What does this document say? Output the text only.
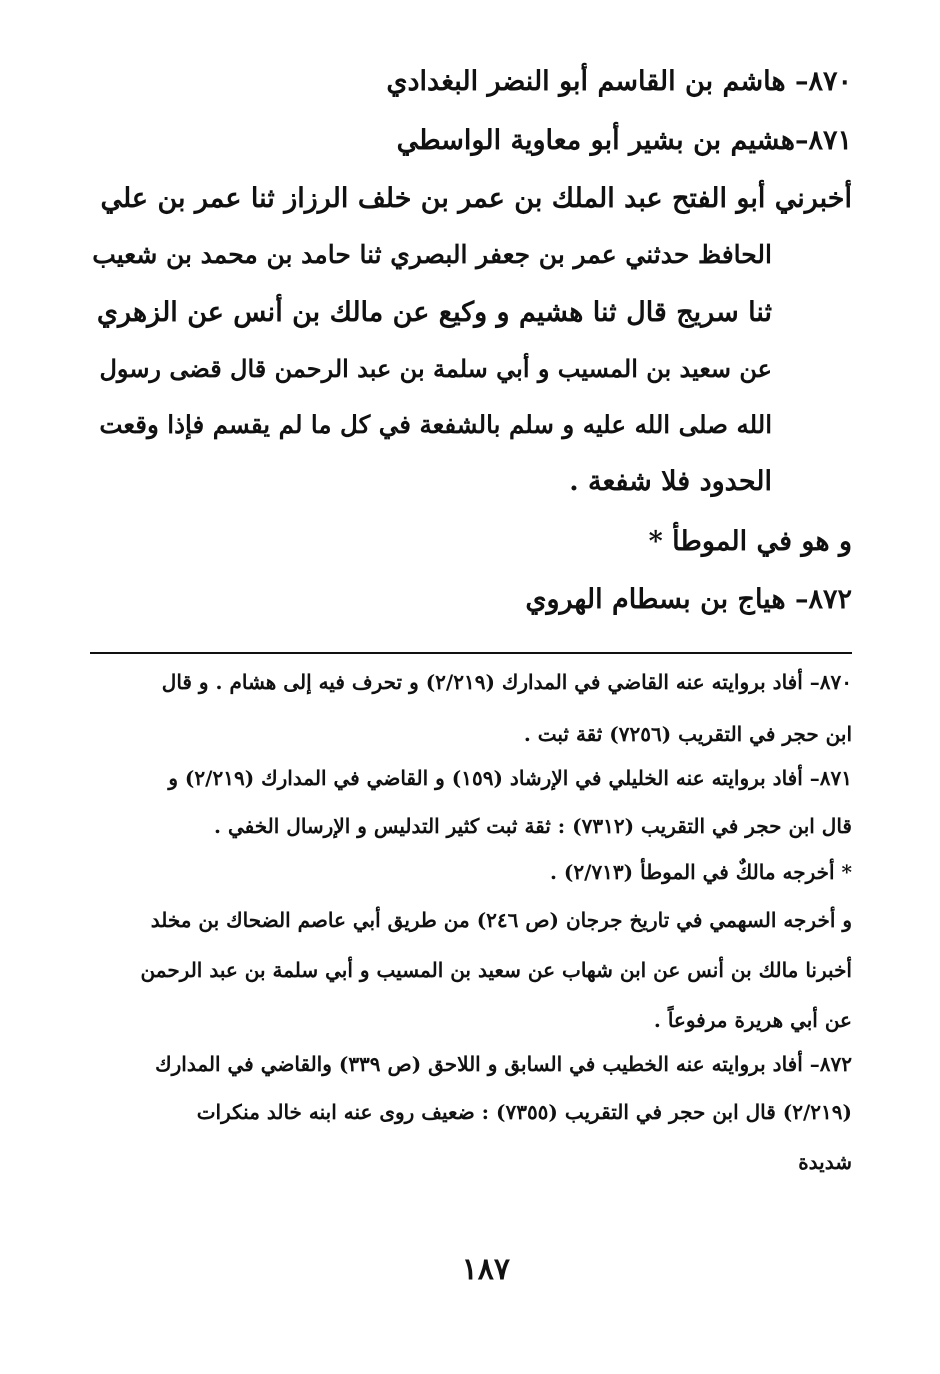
٨٧٠– هاشم بن القاسم أبو النضر البغدادي
٨٧١–هشيم بن بشير أبو معاوية الواسطي
أخبرني أبو الفتح عبد الملك بن عمر بن خلف الرزاز ثنا عمر بن علي
الحافظ حدثني عمر بن جعفر البصري ثنا حامد بن محمد بن شعيب
ثنا سريج قال ثنا هشيم و وكيع عن مالك بن أنس عن الزهري
عن سعيد بن المسيب و أبي سلمة بن عبد الرحمن قال قضى رسول
الله صلى الله عليه و سلم بالشفعة في كل ما لم يقسم فإذا وقعت
الحدود فلا شفعة .
و هو في الموطأ *
٨٧٢– هياج بن بسطام الهروي
٨٧٠– أفاد بروايته عنه القاضي في المدارك (٢/٢١٩) و تحرف فيه إلى هشام . و قال
ابن حجر في التقريب (٧٢٥٦) ثقة ثبت .
٨٧١– أفاد بروايته عنه الخليلي في الإرشاد (١٥٩) و القاضي في المدارك (٢/٢١٩) و
قال ابن حجر في التقريب (٧٣١٢) : ثقة ثبت كثير التدليس و الإرسال الخفي .
* أخرجه مالكٌ في الموطأ (٢/٧١٣) .
و أخرجه السهمي في تاريخ جرجان (ص ٢٤٦) من طريق أبي عاصم الضحاك بن مخلد
أخبرنا مالك بن أنس عن ابن شهاب عن سعيد بن المسيب و أبي سلمة بن عبد الرحمن
عن أبي هريرة مرفوعاً .
٨٧٢– أفاد بروايته عنه الخطيب في السابق و اللاحق (ص ٣٣٩) والقاضي في المدارك
(٢/٢١٩) قال ابن حجر في التقريب (٧٣٥٥) : ضعيف روى عنه ابنه خالد منكرات
شديدة
١٨٧
